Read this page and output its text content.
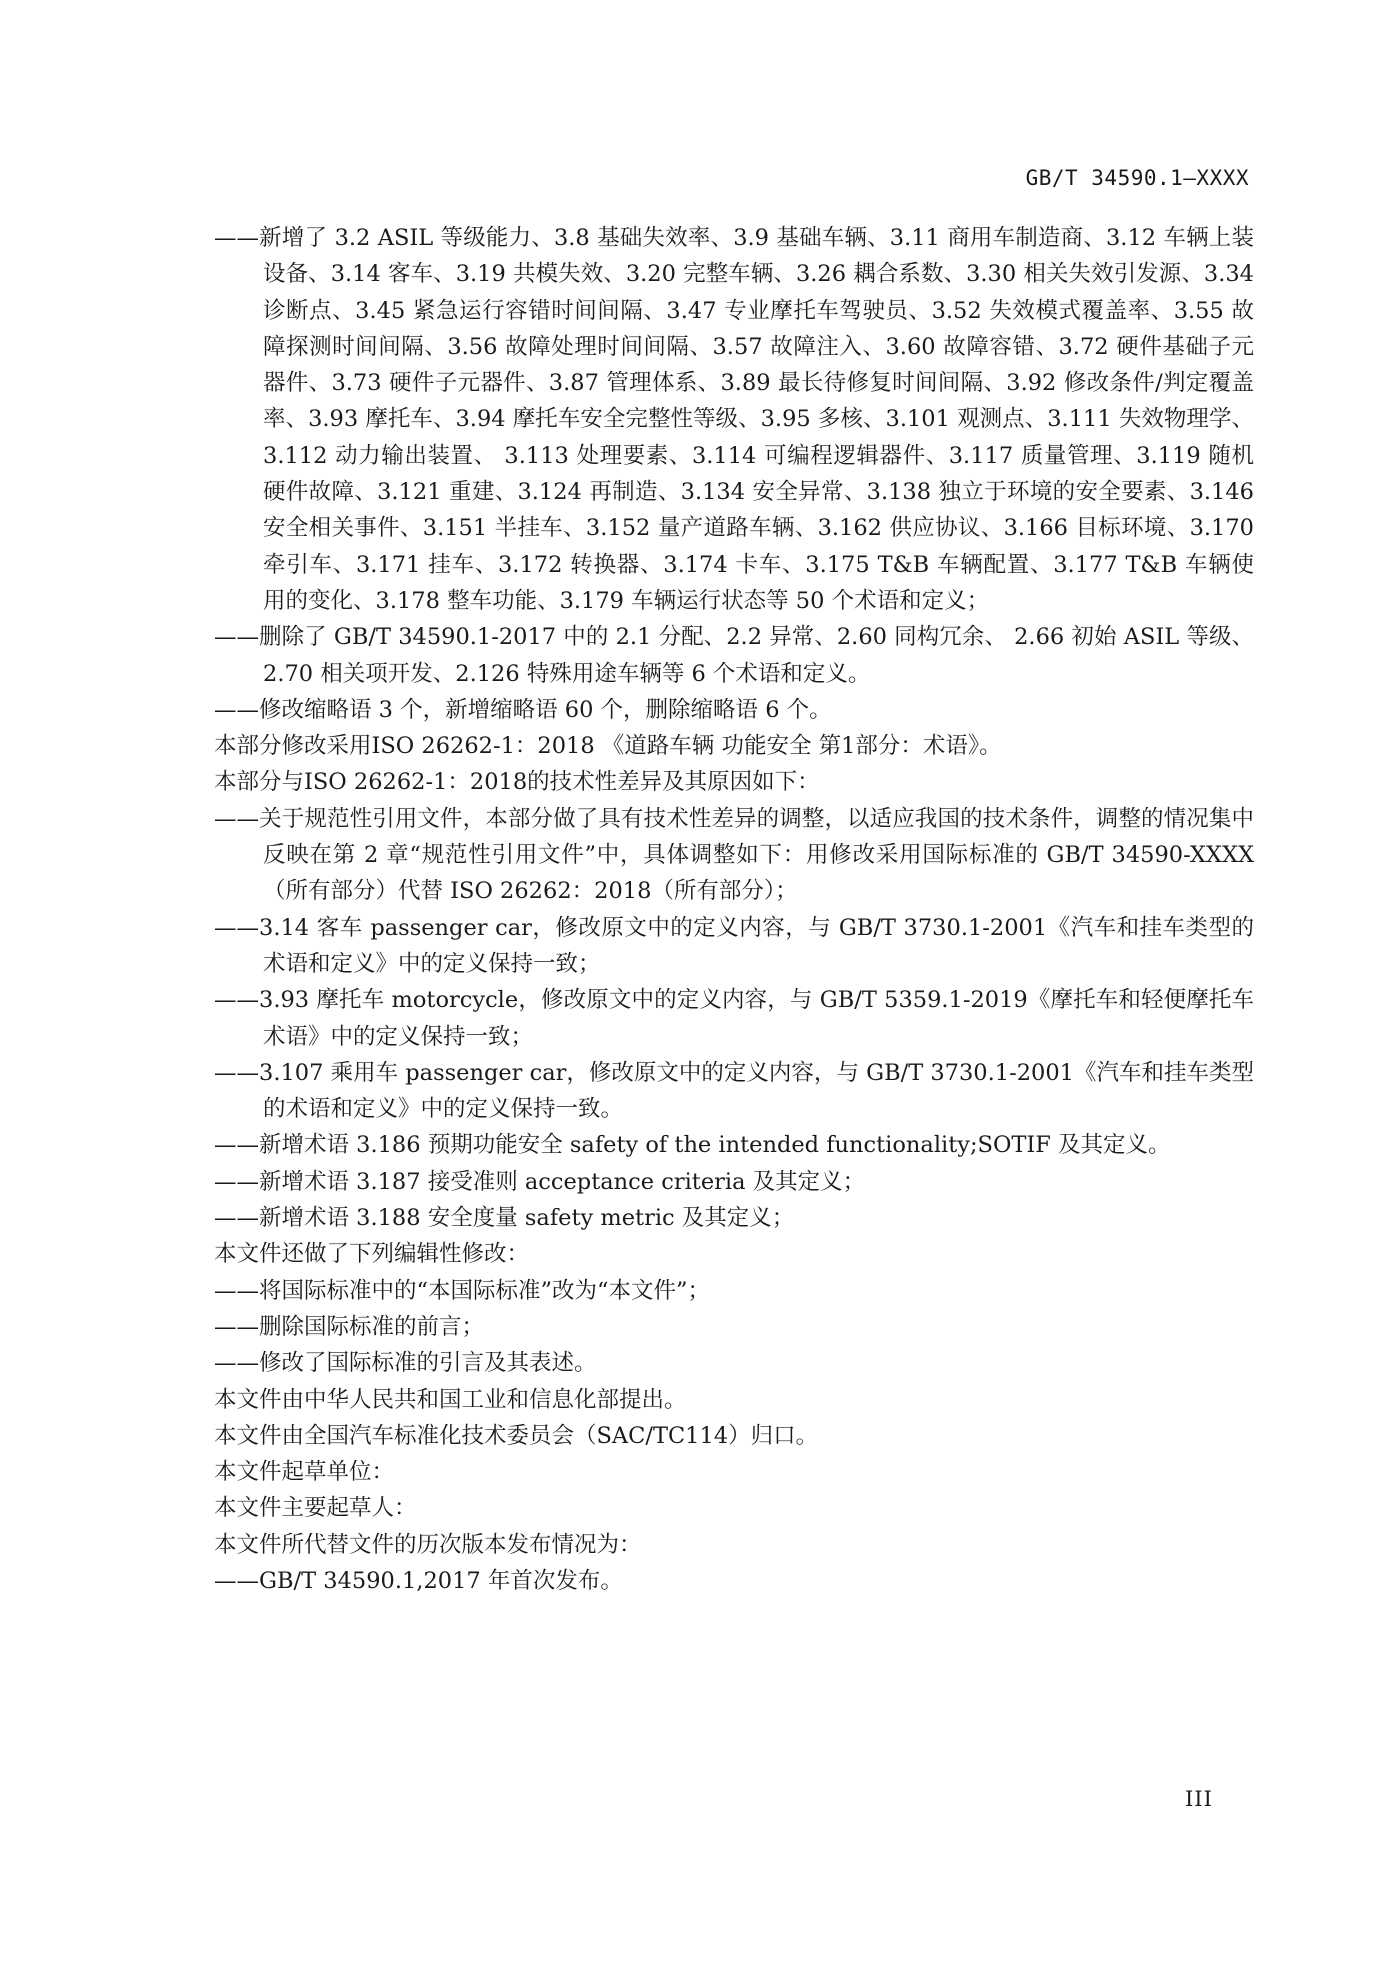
GB/T 34590.1—XXXX

——新增了 3.2 ASIL 等级能力、3.8 基础失效率、3.9 基础车辆、3.11 商用车制造商、3.12 车辆上装设备、3.14 客车、3.19 共模失效、3.20 完整车辆、3.26 耦合系数、3.30 相关失效引发源、3.34 诊断点、3.45 紧急运行容错时间间隔、3.47 专业摩托车驾驶员、3.52 失效模式覆盖率、3.55 故障探测时间间隔、3.56 故障处理时间间隔、3.57 故障注入、3.60 故障容错、3.72 硬件基础子元器件、3.73 硬件子元器件、3.87 管理体系、3.89 最长待修复时间间隔、3.92 修改条件/判定覆盖率、3.93 摩托车、3.94 摩托车安全完整性等级、3.95 多核、3.101 观测点、3.111 失效物理学、 3.112 动力输出装置、 3.113 处理要素、3.114 可编程逻辑器件、3.117 质量管理、3.119 随机硬件故障、3.121 重建、3.124 再制造、3.134 安全异常、3.138 独立于环境的安全要素、3.146 安全相关事件、3.151 半挂车、3.152 量产道路车辆、3.162 供应协议、3.166 目标环境、3.170 牵引车、3.171 挂车、3.172 转换器、3.174 卡车、3.175 T&B 车辆配置、3.177 T&B 车辆使用的变化、3.178 整车功能、3.179 车辆运行状态等 50 个术语和定义；

——删除了 GB/T 34590.1-2017 中的 2.1 分配、2.2 异常、2.60 同构冗余、 2.66 初始 ASIL 等级、2.70 相关项开发、2.126 特殊用途车辆等 6 个术语和定义。

——修改缩略语 3 个，新增缩略语 60 个，删除缩略语 6 个。

本部分修改采用ISO 26262-1：2018 《道路车辆 功能安全 第1部分：术语》。

本部分与ISO 26262-1：2018的技术性差异及其原因如下：

——关于规范性引用文件，本部分做了具有技术性差异的调整，以适应我国的技术条件，调整的情况集中反映在第 2 章“规范性引用文件”中，具体调整如下：用修改采用国际标准的 GB/T 34590-XXXX（所有部分）代替 ISO 26262：2018（所有部分）；

——3.14 客车 passenger car，修改原文中的定义内容，与 GB/T 3730.1-2001《汽车和挂车类型的术语和定义》中的定义保持一致；

——3.93 摩托车 motorcycle，修改原文中的定义内容，与 GB/T 5359.1-2019《摩托车和轻便摩托车术语》中的定义保持一致；

——3.107 乘用车 passenger car，修改原文中的定义内容，与 GB/T 3730.1-2001《汽车和挂车类型的术语和定义》中的定义保持一致。

——新增术语 3.186 预期功能安全 safety of the intended functionality;SOTIF 及其定义。

——新增术语 3.187 接受准则 acceptance criteria 及其定义；

——新增术语 3.188 安全度量 safety metric 及其定义；

本文件还做了下列编辑性修改：

——将国际标准中的“本国际标准”改为“本文件”；

——删除国际标准的前言；

——修改了国际标准的引言及其表述。

本文件由中华人民共和国工业和信息化部提出。

本文件由全国汽车标准化技术委员会（SAC/TC114）归口。

本文件起草单位：

本文件主要起草人：

本文件所代替文件的历次版本发布情况为：

——GB/T 34590.1,2017 年首次发布。

III
